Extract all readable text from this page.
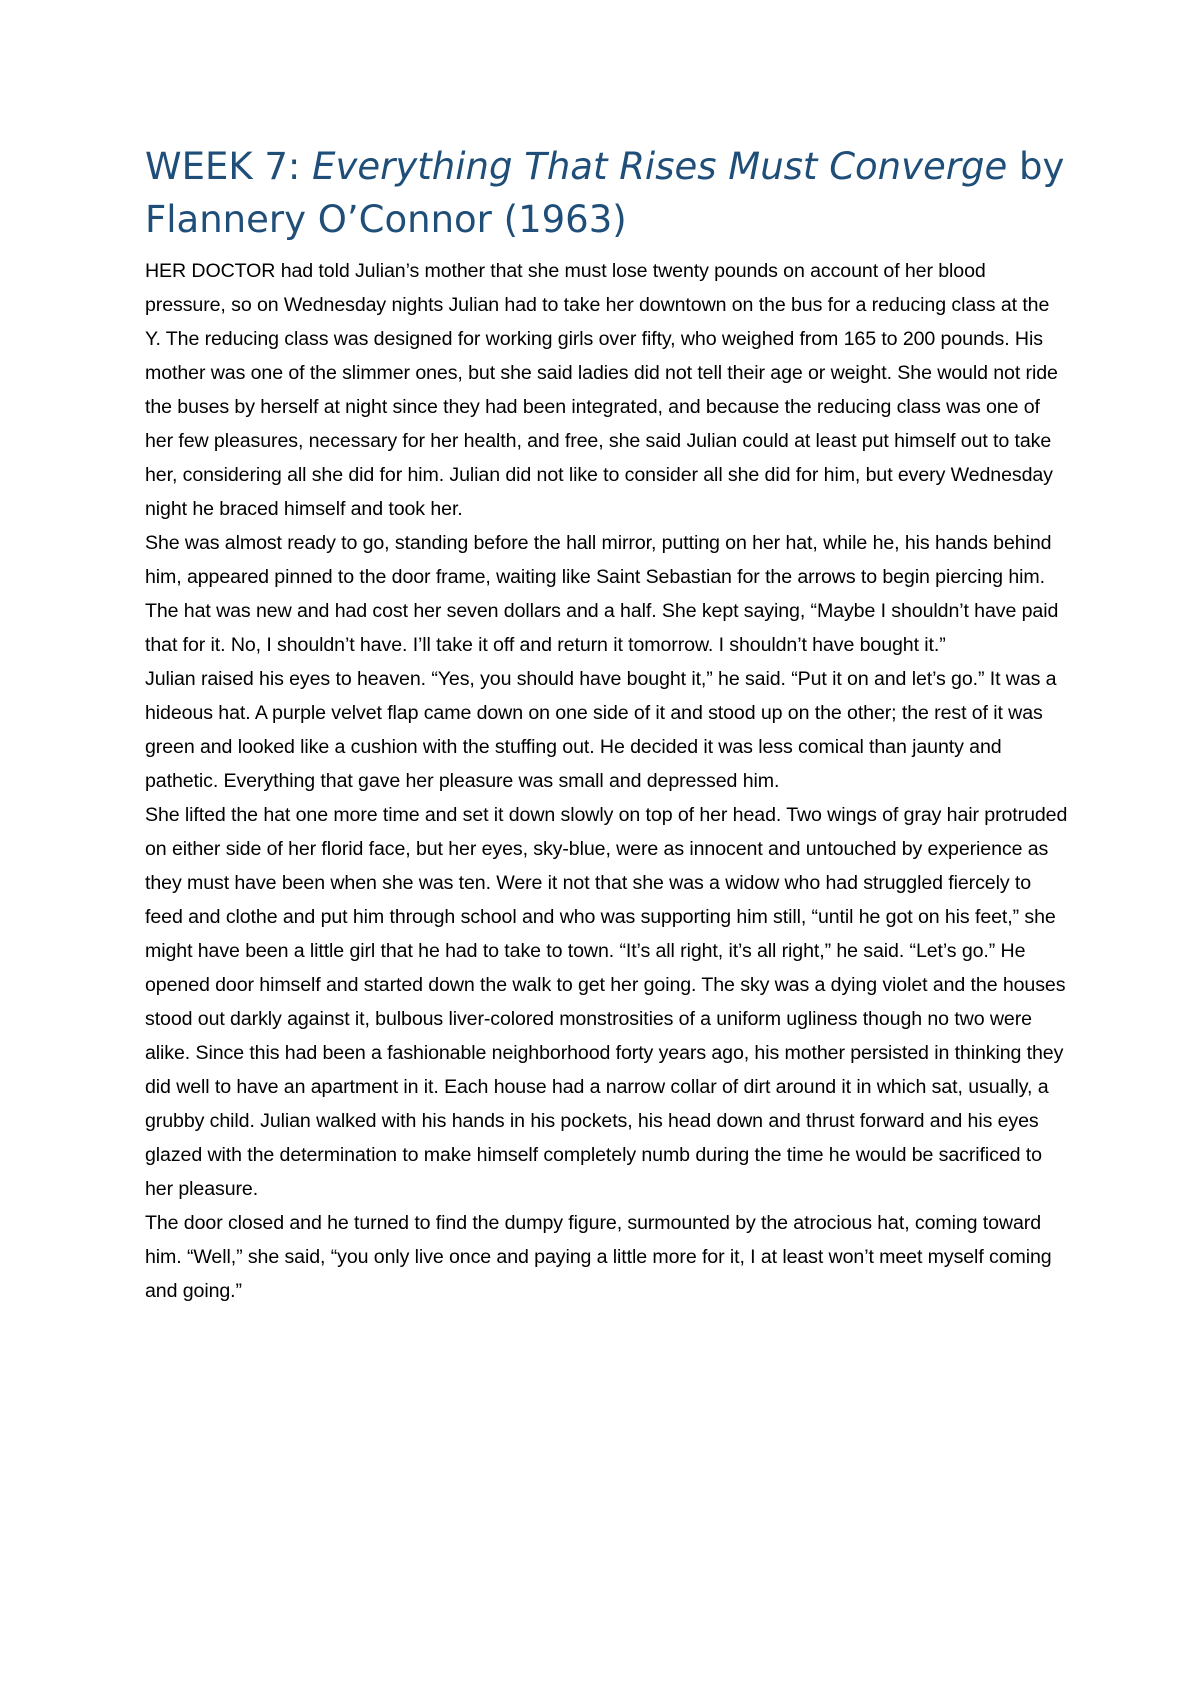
WEEK 7: Everything That Rises Must Converge by Flannery O’Connor (1963)

HER DOCTOR had told Julian’s mother that she must lose twenty pounds on account of her blood pressure, so on Wednesday nights Julian had to take her downtown on the bus for a reducing class at the Y. The reducing class was designed for working girls over fifty, who weighed from 165 to 200 pounds. His mother was one of the slimmer ones, but she said ladies did not tell their age or weight. She would not ride the buses by herself at night since they had been integrated, and because the reducing class was one of her few pleasures, necessary for her health, and free, she said Julian could at least put himself out to take her, considering all she did for him. Julian did not like to consider all she did for him, but every Wednesday night he braced himself and took her.

She was almost ready to go, standing before the hall mirror, putting on her hat, while he, his hands behind him, appeared pinned to the door frame, waiting like Saint Sebastian for the arrows to begin piercing him. The hat was new and had cost her seven dollars and a half. She kept saying, “Maybe I shouldn’t have paid that for it. No, I shouldn’t have. I’ll take it off and return it tomorrow. I shouldn’t have bought it.”

Julian raised his eyes to heaven. “Yes, you should have bought it,” he said. “Put it on and let’s go.” It was a hideous hat. A purple velvet flap came down on one side of it and stood up on the other; the rest of it was green and looked like a cushion with the stuffing out. He decided it was less comical than jaunty and pathetic. Everything that gave her pleasure was small and depressed him.

She lifted the hat one more time and set it down slowly on top of her head. Two wings of gray hair protruded on either side of her florid face, but her eyes, sky-blue, were as innocent and untouched by experience as they must have been when she was ten. Were it not that she was a widow who had struggled fiercely to feed and clothe and put him through school and who was supporting him still, “until he got on his feet,” she might have been a little girl that he had to take to town. “It’s all right, it’s all right,” he said. “Let’s go.” He opened door himself and started down the walk to get her going. The sky was a dying violet and the houses stood out darkly against it, bulbous liver-colored monstrosities of a uniform ugliness though no two were alike. Since this had been a fashionable neighborhood forty years ago, his mother persisted in thinking they did well to have an apartment in it. Each house had a narrow collar of dirt around it in which sat, usually, a grubby child. Julian walked with his hands in his pockets, his head down and thrust forward and his eyes glazed with the determination to make himself completely numb during the time he would be sacrificed to her pleasure.

The door closed and he turned to find the dumpy figure, surmounted by the atrocious hat, coming toward him. “Well,” she said, “you only live once and paying a little more for it, I at least won’t meet myself coming and going.”
